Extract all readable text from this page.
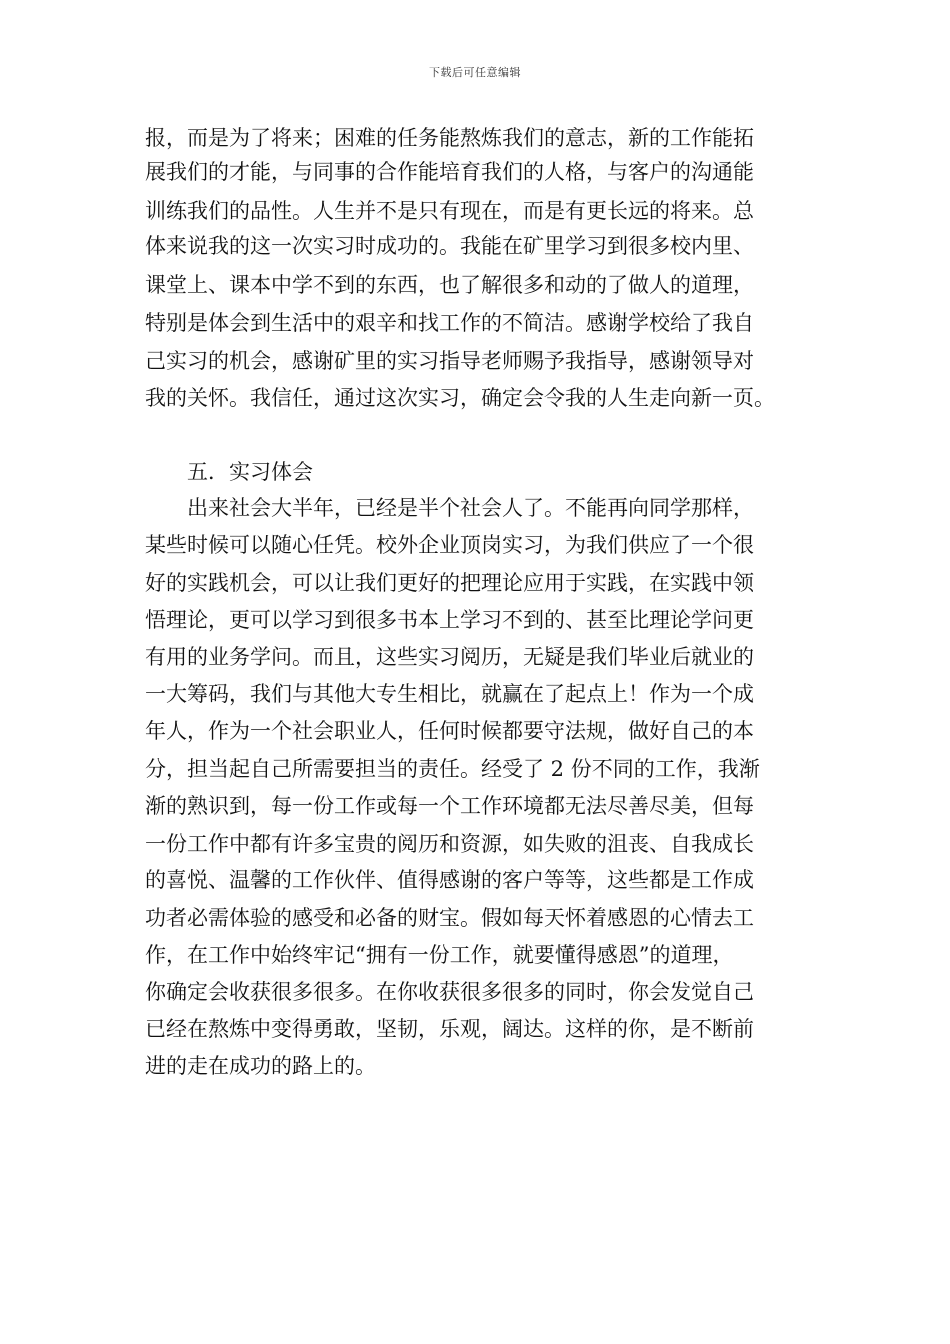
下载后可任意编辑
报，而是为了将来；困难的任务能熬炼我们的意志，新的工作能拓
展我们的才能，与同事的合作能培育我们的人格，与客户的沟通能
训练我们的品性。人生并不是只有现在，而是有更长远的将来。总
体来说我的这一次实习时成功的。我能在矿里学习到很多校内里、
课堂上、课本中学不到的东西，也了解很多和动的了做人的道理，
特别是体会到生活中的艰辛和找工作的不简洁。感谢学校给了我自
己实习的机会，感谢矿里的实习指导老师赐予我指导，感谢领导对
我的关怀。我信任，通过这次实习，确定会令我的人生走向新一页。
五．实习体会
出来社会大半年，已经是半个社会人了。不能再向同学那样，
某些时候可以随心任凭。校外企业顶岗实习，为我们供应了一个很
好的实践机会，可以让我们更好的把理论应用于实践，在实践中领
悟理论，更可以学习到很多书本上学习不到的、甚至比理论学问更
有用的业务学问。而且，这些实习阅历，无疑是我们毕业后就业的
一大筹码，我们与其他大专生相比，就赢在了起点上！作为一个成
年人，作为一个社会职业人，任何时候都要守法规，做好自己的本
分，担当起自己所需要担当的责任。经受了 2 份不同的工作，我渐
渐的熟识到，每一份工作或每一个工作环境都无法尽善尽美，但每
一份工作中都有许多宝贵的阅历和资源，如失败的沮丧、自我成长
的喜悦、温馨的工作伙伴、值得感谢的客户等等，这些都是工作成
功者必需体验的感受和必备的财宝。假如每天怀着感恩的心情去工
作，在工作中始终牢记“拥有一份工作，就要懂得感恩”的道理，
你确定会收获很多很多。在你收获很多很多的同时，你会发觉自己
已经在熬炼中变得勇敢，坚韧，乐观，阔达。这样的你，是不断前
进的走在成功的路上的。
